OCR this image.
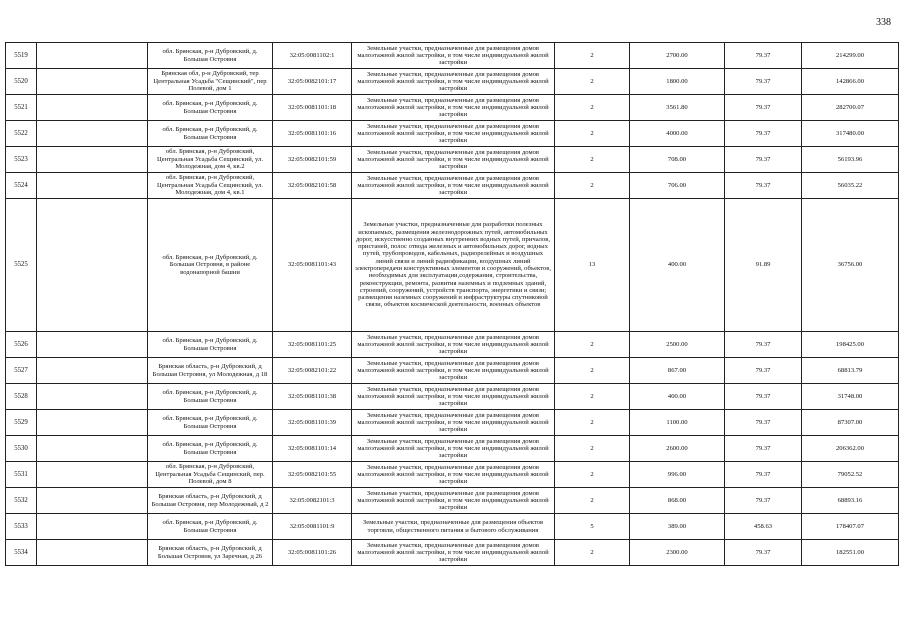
338
5519		обл. Брянская, р-н Дубровский, д. Большая Островня	32:05:0081102:1	Земельные участки, предназначенные для размещения домов малоэтажной жилой застройки, в том числе индивидуальной жилой застройки	2	2700.00	79.37	214299.00
5520		Брянская обл, р-н Дубровский, тер Центральная Усадьба "Сещинский", пер Полевой, дом 1	32:05:0082101:17	Земельные участки, предназначенные для размещения домов малоэтажной жилой застройки, в том числе индивидуальной жилой застройки	2	1800.00	79.37	142866.00
5521		обл. Брянская, р-н Дубровский, д. Большая Островня	32:05:0081101:18	Земельные участки, предназначенные для размещения домов малоэтажной жилой застройки, в том числе индивидуальной жилой застройки	2	3561.80	79.37	282700.07
5522		обл. Брянская, р-н Дубровский, д. Большая Островня	32:05:0081101:16	Земельные участки, предназначенные для размещения домов малоэтажной жилой застройки, в том числе индивидуальной жилой застройки	2	4000.00	79.37	317480.00
5523		обл. Брянская, р-н Дубровский, Центральная Усадьба Сещинский, ул. Молодежная, дом 4, кв.2	32:05:0082101:59	Земельные участки, предназначенные для размещения домов малоэтажной жилой застройки, в том числе индивидуальной жилой застройки	2	708.00	79.37	56193.96
5524		обл. Брянская, р-н Дубровский, Центральная Усадьба Сещинский, ул. Молодежная, дом 4, кв.1	32:05:0082101:58	Земельные участки, предназначенные для размещения домов малоэтажной жилой застройки, в том числе индивидуальной жилой застройки	2	706.00	79.37	56035.22
5525		обл. Брянская, р-н Дубровский, д. Большая Островня, в районе водонапорной башни	32:05:0081101:43	Земельные участки, предназначенные для разработки полезных ископаемых, размещения железнодорожных путей, автомобильных дорог, искусственно созданных внутренних водных путей, причалов, пристаней, полос отвода железных и автомобильных дорог, водных путей, трубопроводов, кабельных, радиорелейных и воздушных линий связи и линий радиофикации, воздушных линий электропередачи конструктивных элементов и сооружений, объектов, необходимых для эксплуатации,содержания, строительства, реконструкции, ремонта, развития наземных и подземных зданий, строений, сооружений, устройств транспорта, энергетики и связи; размещения наземных сооружений и инфраструктуры спутниковой связи, объектов космической деятельности, военных объектов	13	400.00	91.89	36756.00
5526		обл. Брянская, р-н Дубровский, д. Большая Островня	32:05:0081101:25	Земельные участки, предназначенные для размещения домов малоэтажной жилой застройки, в том числе индивидуальной жилой застройки	2	2500.00	79.37	198425.00
5527		Брянская область, р-н Дубровский, д Большая Островня, ул Молодежная, д 18	32:05:0082101:22	Земельные участки, предназначенные для размещения домов малоэтажной жилой застройки, в том числе индивидуальной жилой застройки	2	867.00	79.37	68813.79
5528		обл. Брянская, р-н Дубровский, д. Большая Островня	32:05:0081101:38	Земельные участки, предназначенные для размещения домов малоэтажной жилой застройки, в том числе индивидуальной жилой застройки	2	400.00	79.37	31748.00
5529		обл. Брянская, р-н Дубровский, д. Большая Островня	32:05:0081101:39	Земельные участки, предназначенные для размещения домов малоэтажной жилой застройки, в том числе индивидуальной жилой застройки	2	1100.00	79.37	87307.00
5530		обл. Брянская, р-н Дубровский, д. Большая Островня	32:05:0081101:14	Земельные участки, предназначенные для размещения домов малоэтажной жилой застройки, в том числе индивидуальной жилой застройки	2	2600.00	79.37	206362.00
5531		обл. Брянская, р-н Дубровский, Центральная Усадьба Сещинский, пер. Полевой, дом 8	32:05:0082101:55	Земельные участки, предназначенные для размещения домов малоэтажной жилой застройки, в том числе индивидуальной жилой застройки	2	996.00	79.37	79052.52
5532		Брянская область, р-н Дубровский, д Большая Островня, пер Молодежный, д 2	32:05:0082101:3	Земельные участки, предназначенные для размещения домов малоэтажной жилой застройки, в том числе индивидуальной жилой застройки	2	868.00	79.37	68893.16
5533		обл. Брянская, р-н Дубровский, д. Большая Островня	32:05:0081101:9	Земельные участки, предназначенные для размещения объектов торговли, общественного питания и бытового обслуживания	5	389.00	458.63	178407.07
5534		Брянская область, р-н Дубровский, д Большая Островня, ул Заречная, д 26	32:05:0081101:26	Земельные участки, предназначенные для размещения домов малоэтажной жилой застройки, в том числе индивидуальной жилой застройки	2	2300.00	79.37	182551.00
